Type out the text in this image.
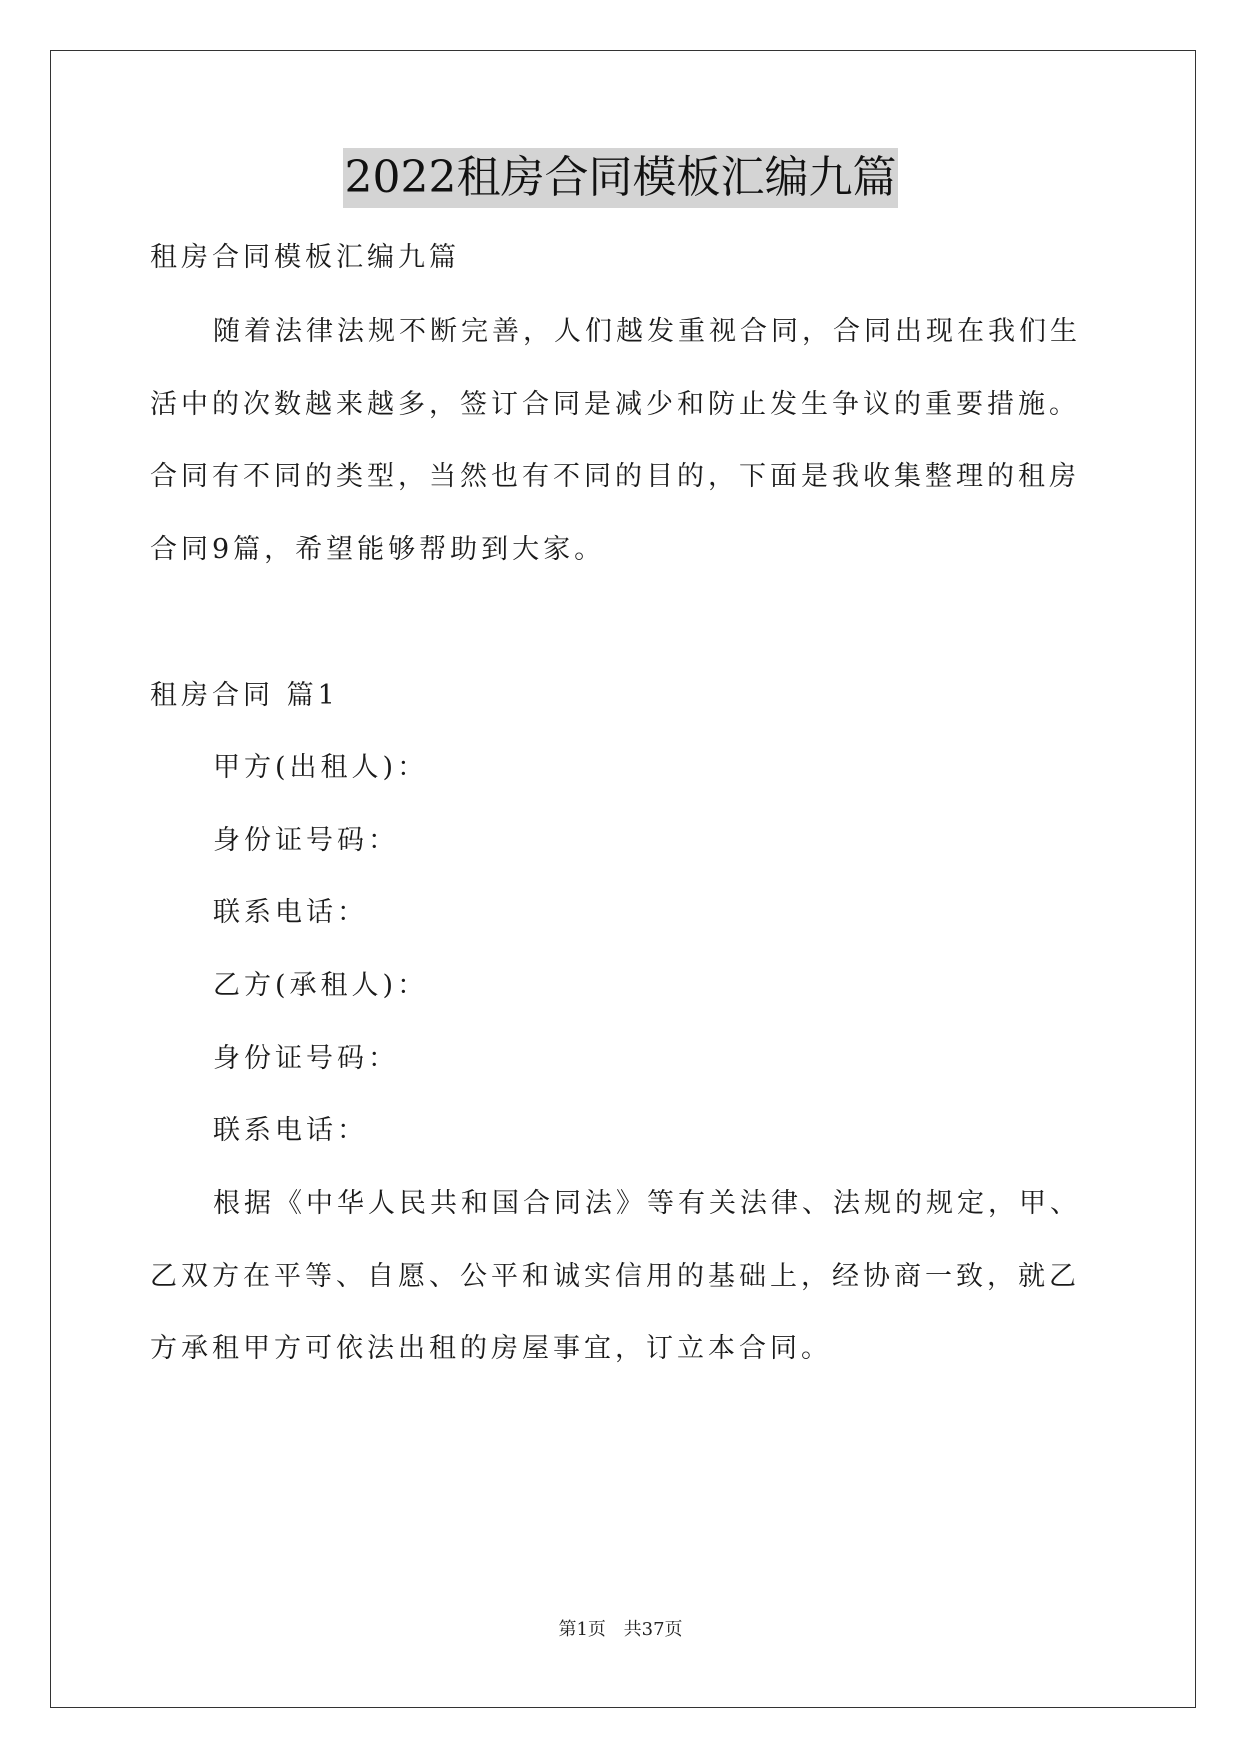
2022租房合同模板汇编九篇
租房合同模板汇编九篇
随着法律法规不断完善，人们越发重视合同，合同出现在我们生
活中的次数越来越多，签订合同是减少和防止发生争议的重要措施。
合同有不同的类型，当然也有不同的目的，下面是我收集整理的租房
合同9篇，希望能够帮助到大家。
租房合同 篇1
甲方(出租人)：
身份证号码：
联系电话：
乙方(承租人)：
身份证号码：
联系电话：
根据《中华人民共和国合同法》等有关法律、法规的规定，甲、
乙双方在平等、自愿、公平和诚实信用的基础上，经协商一致，就乙
方承租甲方可依法出租的房屋事宜，订立本合同。
第1页 共37页
